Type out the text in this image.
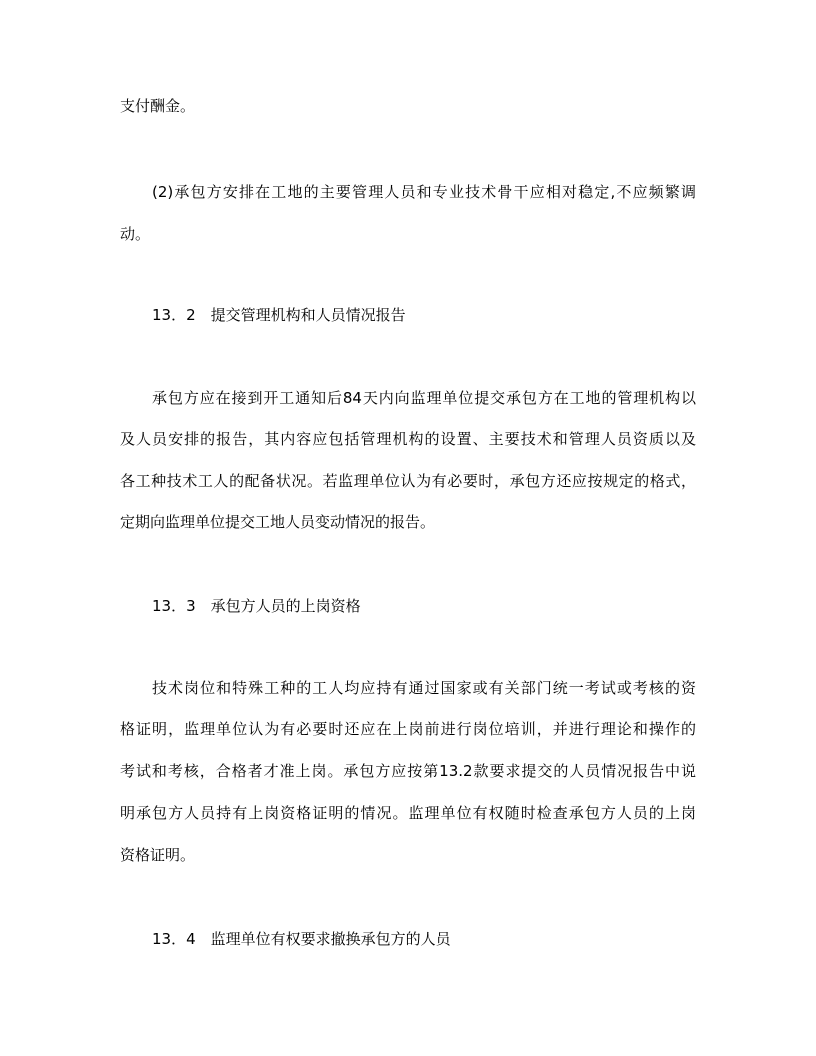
支付酬金。
(2)承包方安排在工地的主要管理人员和专业技术骨干应相对稳定,不应频繁调
动。
13．2　提交管理机构和人员情况报告
承包方应在接到开工通知后84天内向监理单位提交承包方在工地的管理机构以
及人员安排的报告，其内容应包括管理机构的设置、主要技术和管理人员资质以及
各工种技术工人的配备状况。若监理单位认为有必要时，承包方还应按规定的格式，
定期向监理单位提交工地人员变动情况的报告。
13．3　承包方人员的上岗资格
技术岗位和特殊工种的工人均应持有通过国家或有关部门统一考试或考核的资
格证明，监理单位认为有必要时还应在上岗前进行岗位培训，并进行理论和操作的
考试和考核，合格者才准上岗。承包方应按第13.2款要求提交的人员情况报告中说
明承包方人员持有上岗资格证明的情况。监理单位有权随时检查承包方人员的上岗
资格证明。
13．4　监理单位有权要求撤换承包方的人员
